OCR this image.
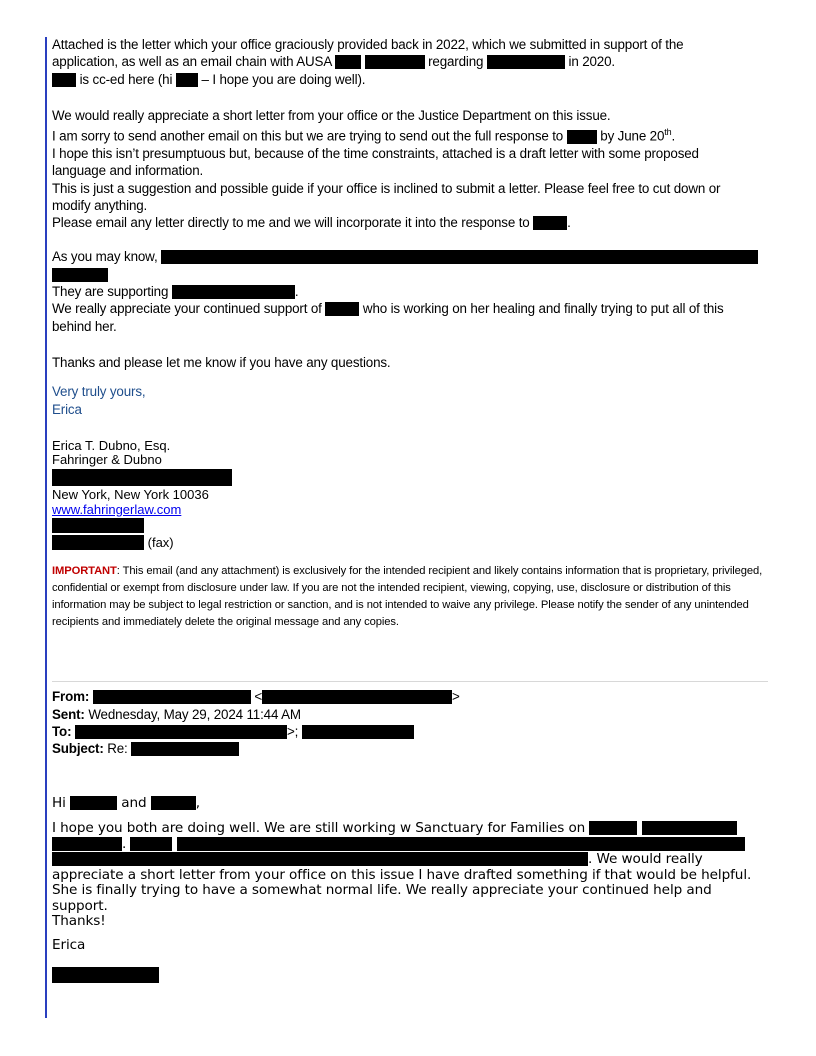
Attached is the letter which your office graciously provided back in 2022, which we submitted in support of the

application, as well as an email chain with AUSA	regarding	in 2020.

is cc-ed here (hi – I hope you are doing well).

We would really appreciate a short letter from your office or the Justice Department on this issue.

I am sorry to send another email on this but we are trying to send out the full response to	by June 20th.

I hope this isn’t presumptuous but, because of the time constraints, attached is a draft letter with some proposed

language and information.

This is just a suggestion and possible guide if your office is inclined to submit a letter. Please feel free to cut down or

modify anything.

Please email any letter directly to me and we will incorporate it into the response to	.

As you may know,

They are supporting	.

We really appreciate your continued support of	who is working on her healing and finally trying to put all of this

behind her.

Thanks and please let me know if you have any questions.

Very truly yours,

Erica

Erica T. Dubno, Esq.

Fahringer & Dubno

New York, New York 10036

www.fahringerlaw.com

(fax)

IMPORTANT: This email (and any attachment) is exclusively for the intended recipient and likely contains information that is proprietary, privileged, confidential or exempt from disclosure under law. If you are not the intended recipient, viewing, copying, use, disclosure or distribution of this information may be subject to legal restriction or sanction, and is not intended to waive any privilege. Please notify the sender of any unintended recipients and immediately delete the original message and any copies.

From:	<	>

Sent: Wednesday, May 29, 2024 11:44 AM

To:	>;

Subject: Re:

Hi	and	,

I hope you both are doing well. We are still working w Sanctuary for Families on

.

. We would really

appreciate a short letter from your office on this issue I have drafted something if that would be helpful.

She is finally trying to have a somewhat normal life. We really appreciate your continued help and

support.

Thanks!

Erica
